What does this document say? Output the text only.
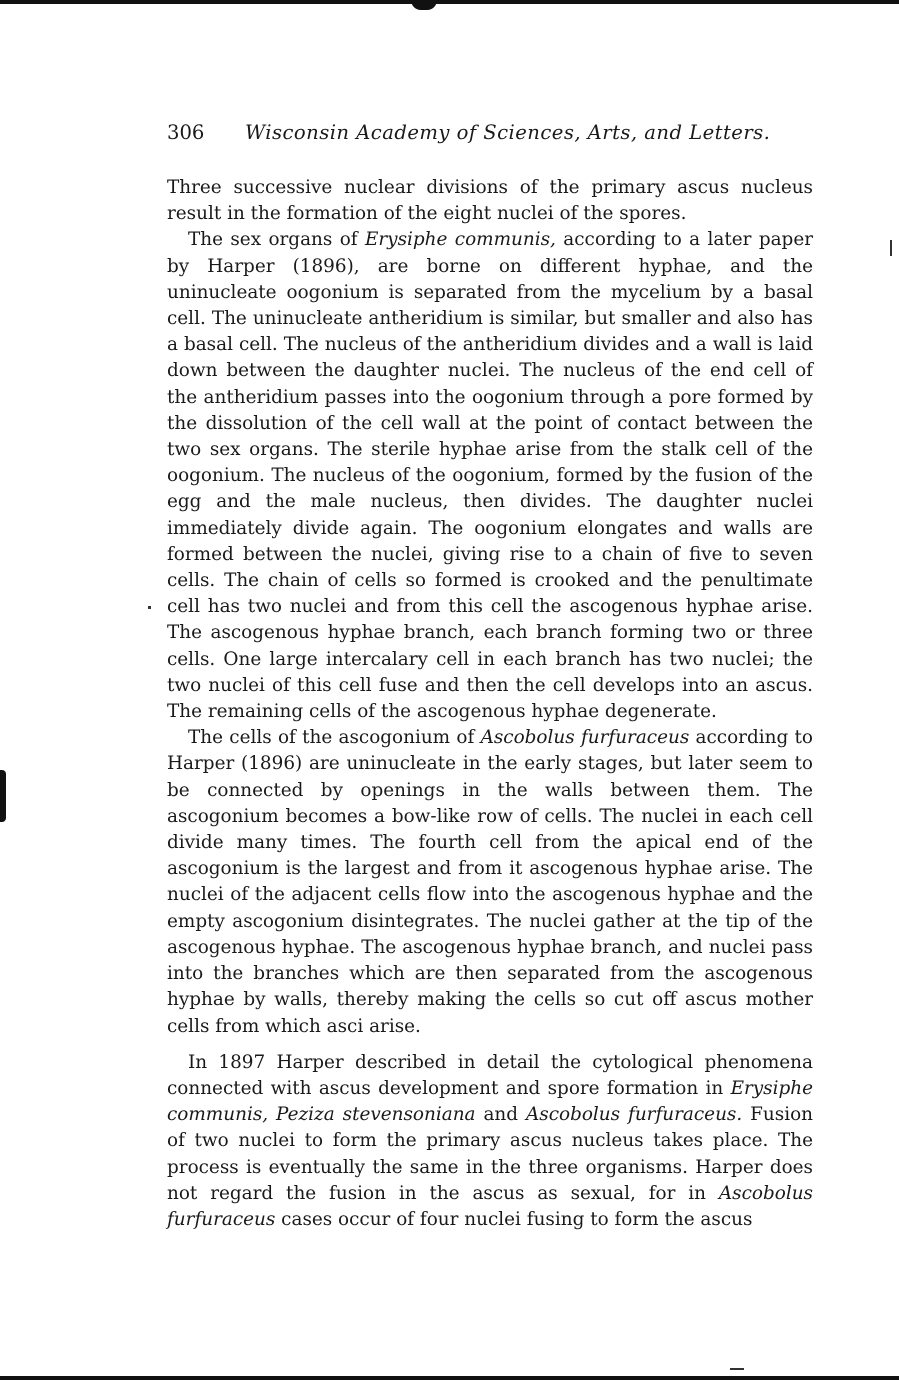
306 Wisconsin Academy of Sciences, Arts, and Letters.

Three successive nuclear divisions of the primary ascus nucleus result in the formation of the eight nuclei of the spores.

The sex organs of Erysiphe communis, according to a later paper by Harper (1896), are borne on different hyphae, and the uninucleate oogonium is separated from the mycelium by a basal cell. The uninucleate antheridium is similar, but smaller and also has a basal cell. The nucleus of the antheridium divides and a wall is laid down between the daughter nuclei. The nucleus of the end cell of the antheridium passes into the oogonium through a pore formed by the dissolution of the cell wall at the point of contact between the two sex organs. The sterile hyphae arise from the stalk cell of the oogonium. The nucleus of the oogonium, formed by the fusion of the egg and the male nucleus, then divides. The daughter nuclei immediately divide again. The oogonium elongates and walls are formed between the nuclei, giving rise to a chain of five to seven cells. The chain of cells so formed is crooked and the penultimate cell has two nuclei and from this cell the ascogenous hyphae arise. The ascogenous hyphae branch, each branch forming two or three cells. One large intercalary cell in each branch has two nuclei; the two nuclei of this cell fuse and then the cell develops into an ascus. The remaining cells of the ascogenous hyphae degenerate.

The cells of the ascogonium of Ascobolus furfuraceus according to Harper (1896) are uninucleate in the early stages, but later seem to be connected by openings in the walls between them. The ascogonium becomes a bow-like row of cells. The nuclei in each cell divide many times. The fourth cell from the apical end of the ascogonium is the largest and from it ascogenous hyphae arise. The nuclei of the adjacent cells flow into the ascogenous hyphae and the empty ascogonium disintegrates. The nuclei gather at the tip of the ascogenous hyphae. The ascogenous hyphae branch, and nuclei pass into the branches which are then separated from the ascogenous hyphae by walls, thereby making the cells so cut off ascus mother cells from which asci arise.

In 1897 Harper described in detail the cytological phenomena connected with ascus development and spore formation in Erysiphe communis, Peziza stevensoniana and Ascobolus furfuraceus. Fusion of two nuclei to form the primary ascus nucleus takes place. The process is eventually the same in the three organisms. Harper does not regard the fusion in the ascus as sexual, for in Ascobolus furfuraceus cases occur of four nuclei fusing to form the ascus
